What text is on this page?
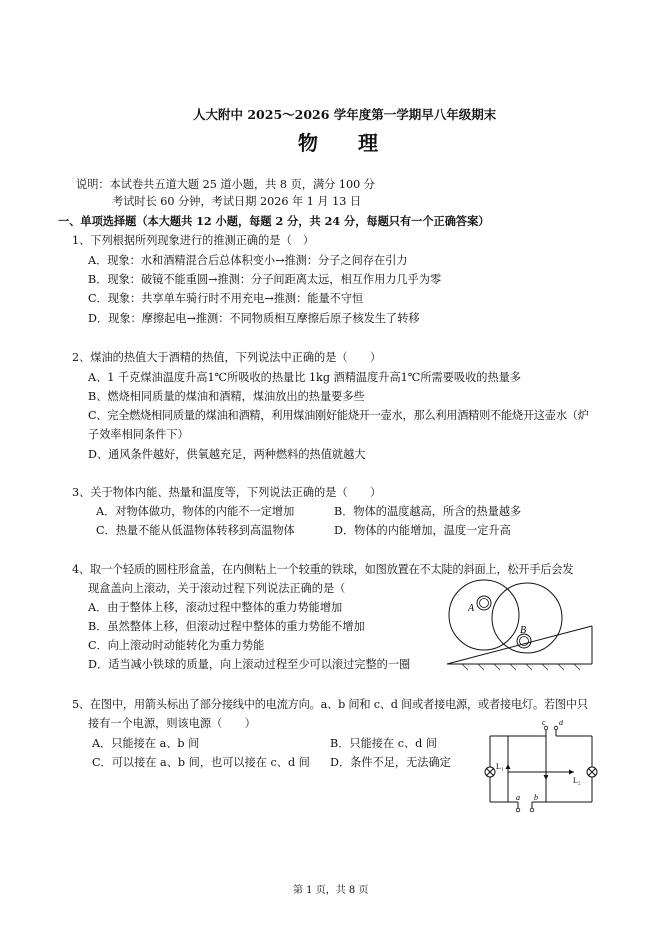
人大附中 2025～2026 学年度第一学期早八年级期末
物　理
说明：本试卷共五道大题 25 道小题，共 8 页，满分 100 分
考试时长 60 分钟，考试日期 2026 年 1 月 13 日
一、单项选择题（本大题共 12 小题，每题 2 分，共 24 分，每题只有一个正确答案）
1、下列根据所列现象进行的推测正确的是（　）
A．现象：水和酒精混合后总体积变小→推测：分子之间存在引力
B．现象：破镜不能重圆→推测：分子间距离太远，相互作用力几乎为零
C．现象：共享单车骑行时不用充电→推测：能量不守恒
D．现象：摩擦起电→推测：不同物质相互摩擦后原子核发生了转移
2、煤油的热值大于酒精的热值，下列说法中正确的是（　　）
A、1 千克煤油温度升高1℃所吸收的热量比 1kg 酒精温度升高1℃所需要吸收的热量多
B、燃烧相同质量的煤油和酒精，煤油放出的热量要多些
C、完全燃烧相同质量的煤油和酒精，利用煤油刚好能烧开一壶水，那么利用酒精则不能烧开这壶水（炉
子效率相同条件下）
D、通风条件越好，供氧越充足，两种燃料的热值就越大
3、关于物体内能、热量和温度等，下列说法正确的是（　　）
A．对物体做功，物体的内能不一定增加	B．物体的温度越高，所含的热量越多
C．热量不能从低温物体转移到高温物体	D．物体的内能增加，温度一定升高
4、取一个轻质的圆柱形盒盖，在内侧粘上一个较重的铁球，如图放置在不太陡的斜面上，松开手后会发
现盒盖向上滚动，关于滚动过程下列说法正确的是（
A．由于整体上移，滚动过程中整体的重力势能增加
B．虽然整体上移，但滚动过程中整体的重力势能不增加
C．向上滚动时动能转化为重力势能
D．适当减小铁球的质量，向上滚动过程至少可以滚过完整的一圈
A
B
5、在图中，用箭头标出了部分接线中的电流方向。a、b 间和 c、d 间或者接电源，或者接电灯。若图中只
接有一个电源，则该电源（　　）
A．只能接在 a、b 间	B．只能接在 c、d 间
C．可以接在 a、b 间，也可以接在 c、d 间 D．条件不足，无法确定
c d
a b
L₁
L₂
第 1 页，共 8 页
